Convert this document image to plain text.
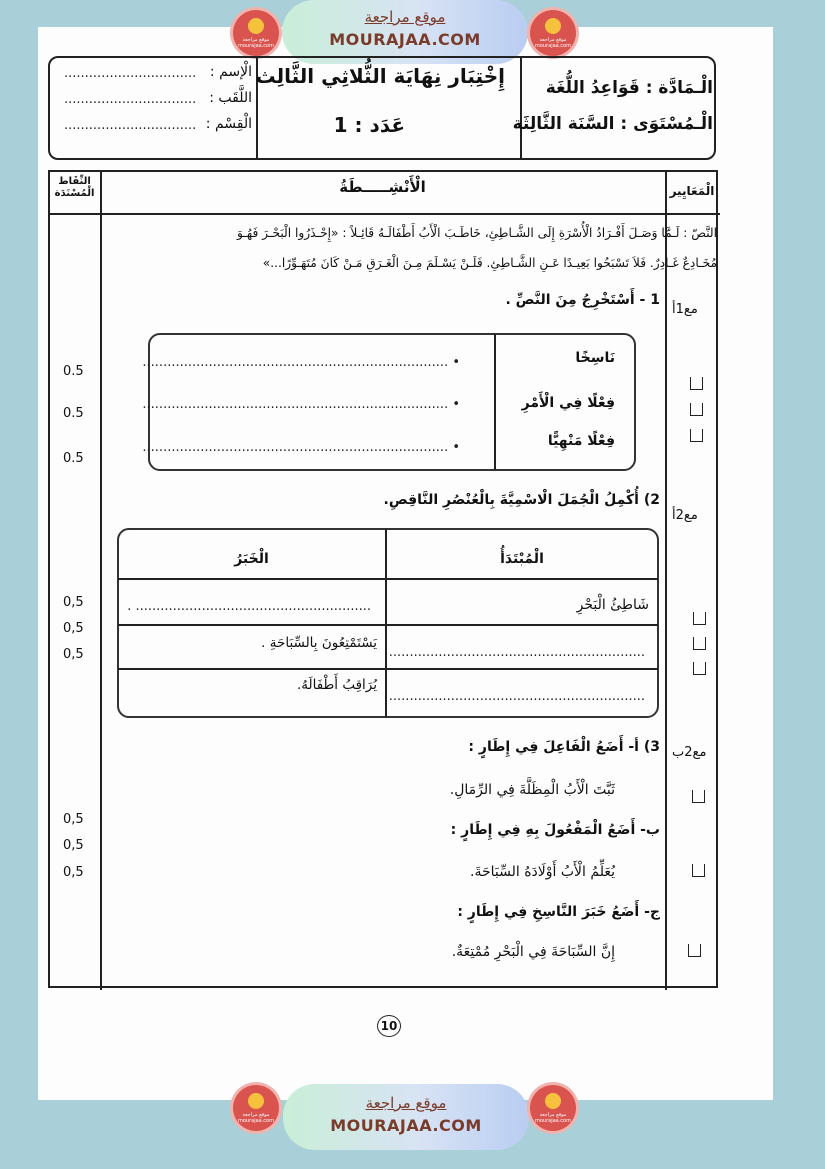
موقع مراجعة mourajaa.com
موقع مراجعة
MOURAJAA.COM	موقع مراجعة mourajaa.com
الْـمَادَّة : قَوَاعِدُ اللُّغَة
الْـمُسْتَوَى : السَّنَة الثَّالِثَة
إِخْتِبَار نِهَايَة الثُّلاثِي الثَّالِث
عَدَد : 1
الْإسم :
اللَّقَب :
الْقِسْم :
................................
................................
................................
الْمَعَايِير
الْأَنْشِـــــطَةُ
النِّقَاط الْمُسْنَدَة
النَّصّ : لَـمَّا وَصَـلَ أَفْـرَادُ الْأُسْرَةِ إِلَى الشَّـاطِئِ، خَاطَـبَ الْأَبُ أَطْفَالَـهُ قَائِـلاً : «إِحْـذَرُوا الْبَحْـرَ فَهُـوَ
مُخَـادِعٌ غَـادِرٌ. فَلاَ تَسْبَحُوا بَعِيـدًا عَـنِ الشَّـاطِئِ. فَلَـنْ يَسْـلَمَ مِـنَ الْغَـرَقِ مَـنْ كَانَ مُتَهَـوِّرًا...»
مع1أ
1 - أَسْتَخْرِجُ مِنَ النَّصِّ .
نَاسِخًا
فِعْلًا فِي الْأَمْرِ
فِعْلًا مَنْهِيًّا
• ..........................................................................
• ..........................................................................
• ..........................................................................
0.5
0.5
0.5
مع2أ
2) أُكْمِلُ الْجُمَلَ الْاسْمِيَّةَ بِالْعُنْصُرِ النَّاقِصِ.
الْمُبْتَدَأُ
الْخَبَرُ
شَاطِئُ الْبَحْرِ
......................................................... .
..............................................................
يَسْتَمْتِعُونَ بِالسِّبَاحَةِ .
..............................................................
يُرَاقِبُ أَطْفَالَهُ.
0,5
0,5
0,5
مع2ب
3) أ- أَضَعُ الْفَاعِلَ فِي إِطَارٍ :
ثَبَّتَ الْأَبُ الْمِظَلَّةَ فِي الرِّمَالِ.
ب- أَضَعُ الْمَفْعُولَ بِهِ فِي إِطَارٍ :
يُعَلِّمُ الْأَبُ أَوْلَادَهُ السِّبَاحَةَ.
ج- أَضَعُ خَبَرَ النَّاسِخِ فِي إِطَارٍ :
إِنَّ السِّبَاحَةَ فِي الْبَحْرِ مُمْتِعَةٌ.
0,5
0,5
0,5
10
موقع مراجعة mourajaa.com
موقع مراجعة
MOURAJAA.COM
موقع مراجعة mourajaa.com
